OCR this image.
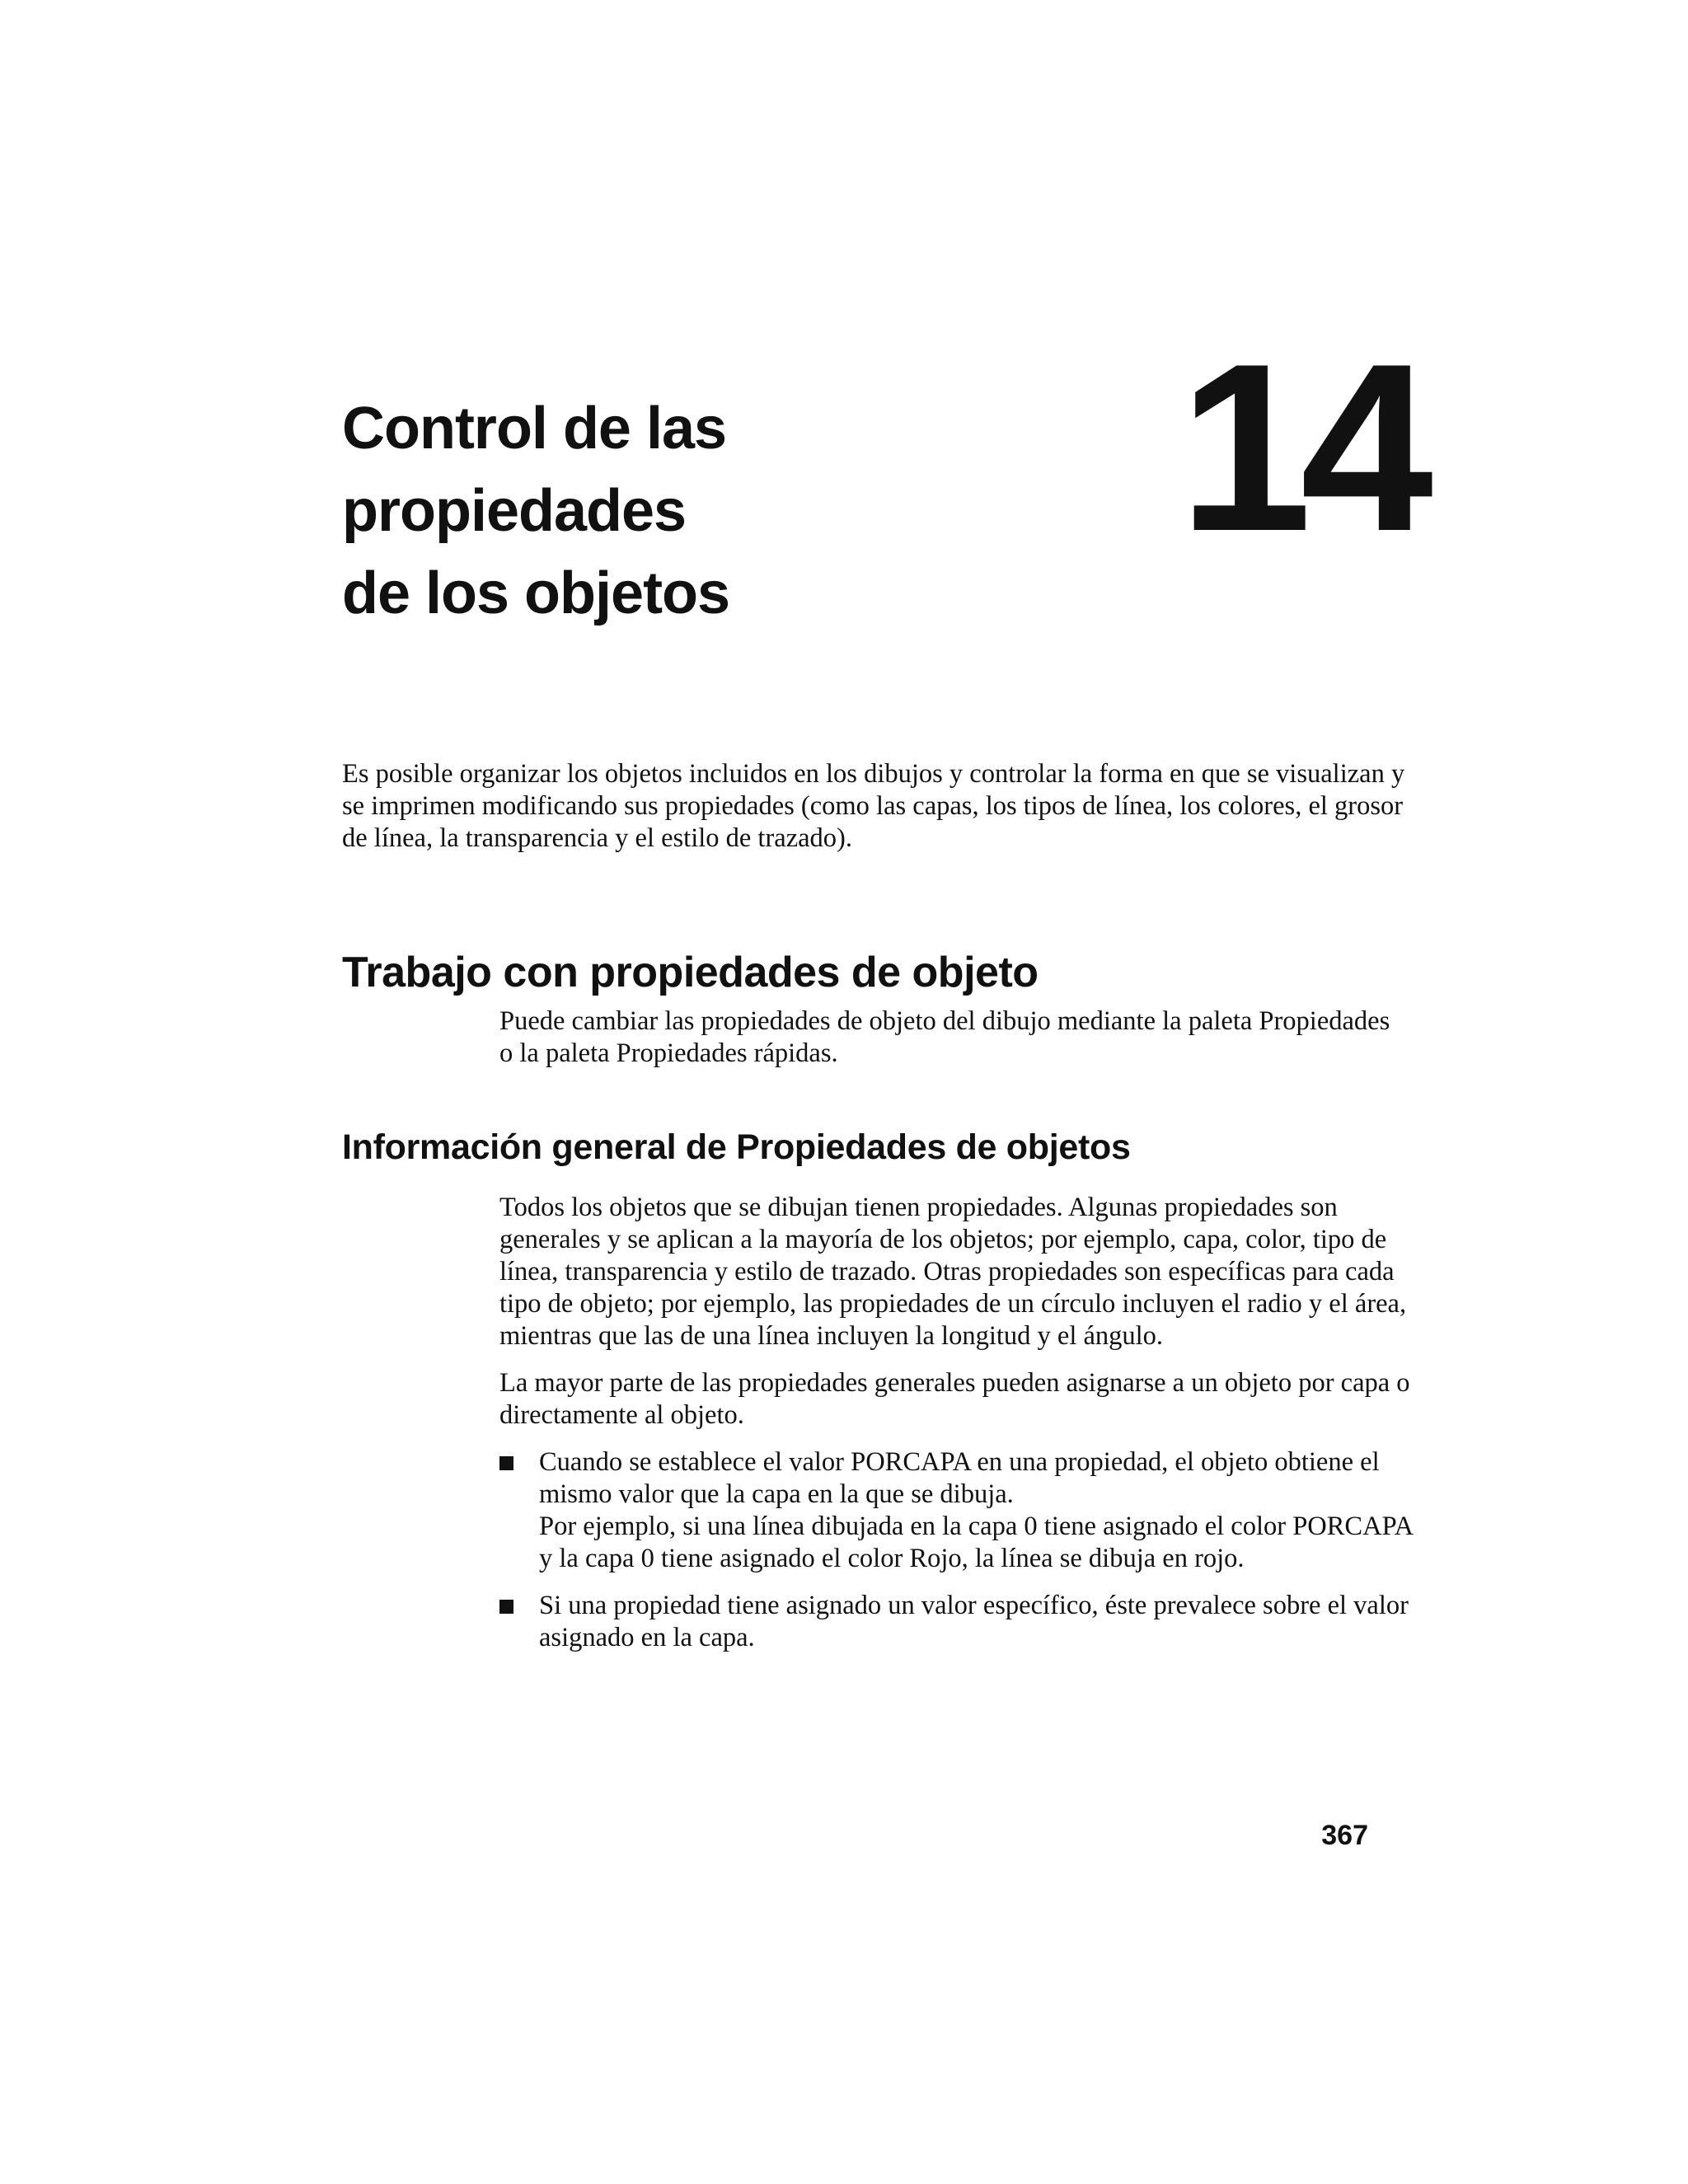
Control de las propiedades
de los objetos
14

Es posible organizar los objetos incluidos en los dibujos y controlar la forma en que se visualizan y se imprimen modificando sus propiedades (como las capas, los tipos de línea, los colores, el grosor de línea, la transparencia y el estilo de trazado).

Trabajo con propiedades de objeto

Puede cambiar las propiedades de objeto del dibujo mediante la paleta Propiedades o la paleta Propiedades rápidas.

Información general de Propiedades de objetos

Todos los objetos que se dibujan tienen propiedades. Algunas propiedades son generales y se aplican a la mayoría de los objetos; por ejemplo, capa, color, tipo de línea, transparencia y estilo de trazado. Otras propiedades son específicas para cada tipo de objeto; por ejemplo, las propiedades de un círculo incluyen el radio y el área, mientras que las de una línea incluyen la longitud y el ángulo.

La mayor parte de las propiedades generales pueden asignarse a un objeto por capa o directamente al objeto.

Cuando se establece el valor PORCAPA en una propiedad, el objeto obtiene el mismo valor que la capa en la que se dibuja.
Por ejemplo, si una línea dibujada en la capa 0 tiene asignado el color PORCAPA y la capa 0 tiene asignado el color Rojo, la línea se dibuja en rojo.
Si una propiedad tiene asignado un valor específico, éste prevalece sobre el valor asignado en la capa.
367
